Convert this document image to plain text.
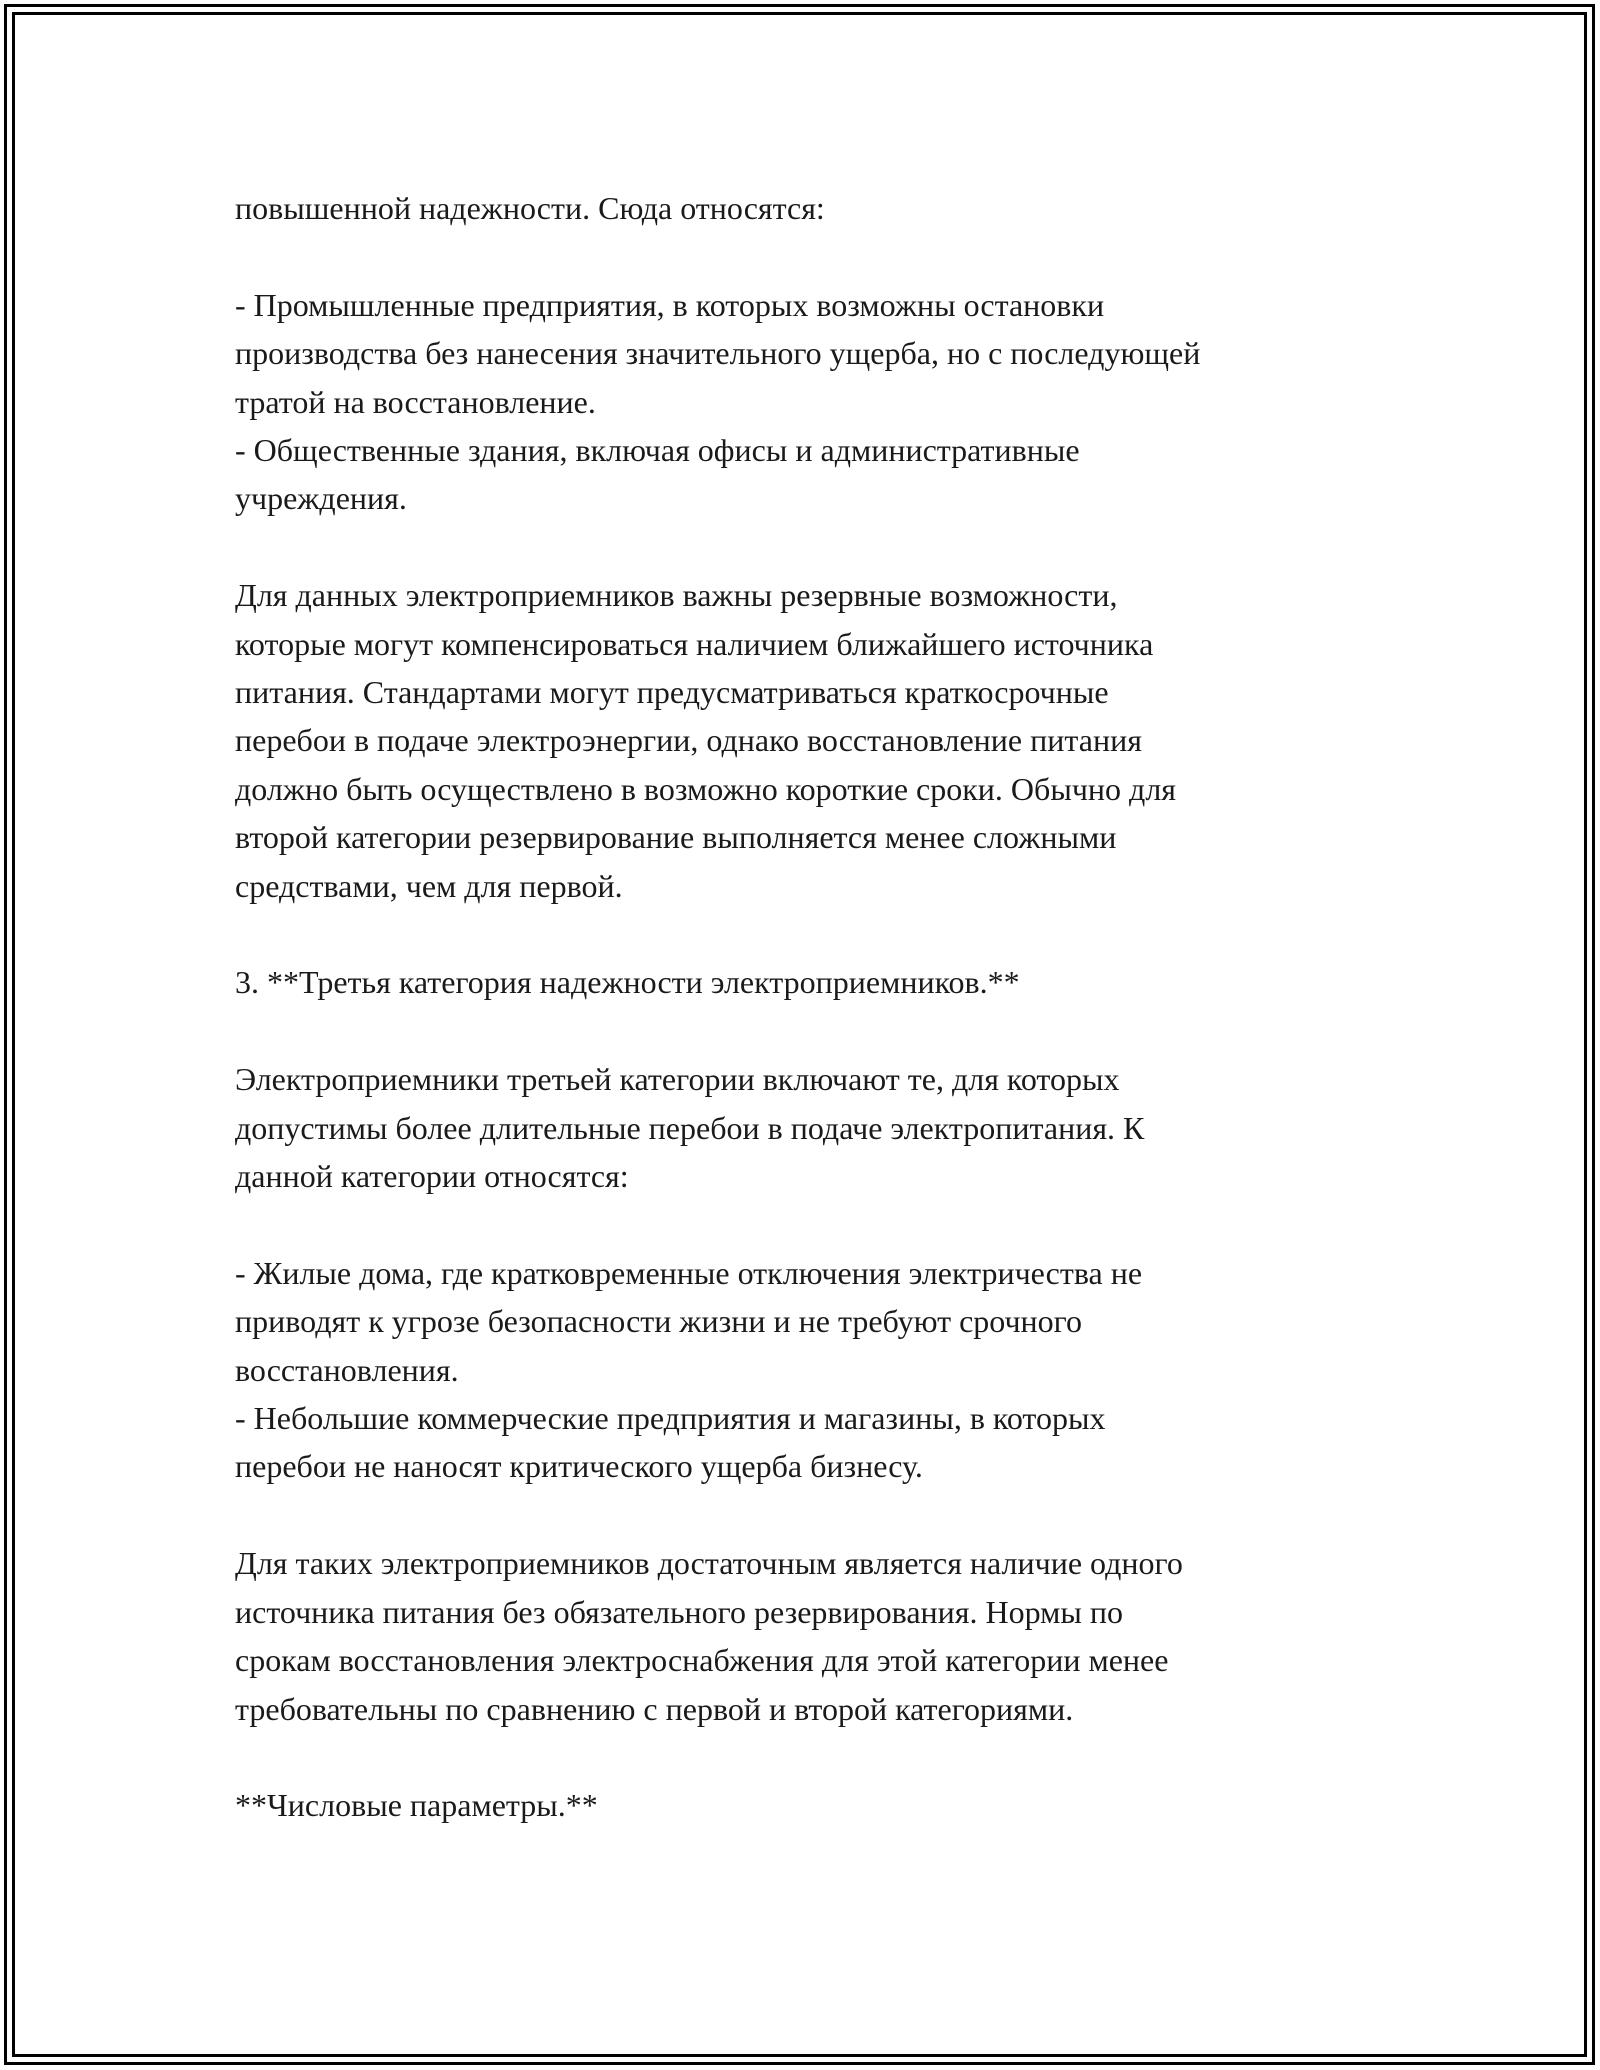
повышенной надежности. Сюда относятся:

- Промышленные предприятия, в которых возможны остановки
производства без нанесения значительного ущерба, но с последующей
тратой на восстановление.
- Общественные здания, включая офисы и административные
учреждения.

Для данных электроприемников важны резервные возможности,
которые могут компенсироваться наличием ближайшего источника
питания. Стандартами могут предусматриваться краткосрочные
перебои в подаче электроэнергии, однако восстановление питания
должно быть осуществлено в возможно короткие сроки. Обычно для
второй категории резервирование выполняется менее сложными
средствами, чем для первой.

3. **Третья категория надежности электроприемников.**

Электроприемники третьей категории включают те, для которых
допустимы более длительные перебои в подаче электропитания. К
данной категории относятся:

- Жилые дома, где кратковременные отключения электричества не
приводят к угрозе безопасности жизни и не требуют срочного
восстановления.
- Небольшие коммерческие предприятия и магазины, в которых
перебои не наносят критического ущерба бизнесу.

Для таких электроприемников достаточным является наличие одного
источника питания без обязательного резервирования. Нормы по
срокам восстановления электроснабжения для этой категории менее
требовательны по сравнению с первой и второй категориями.

**Числовые параметры.**
